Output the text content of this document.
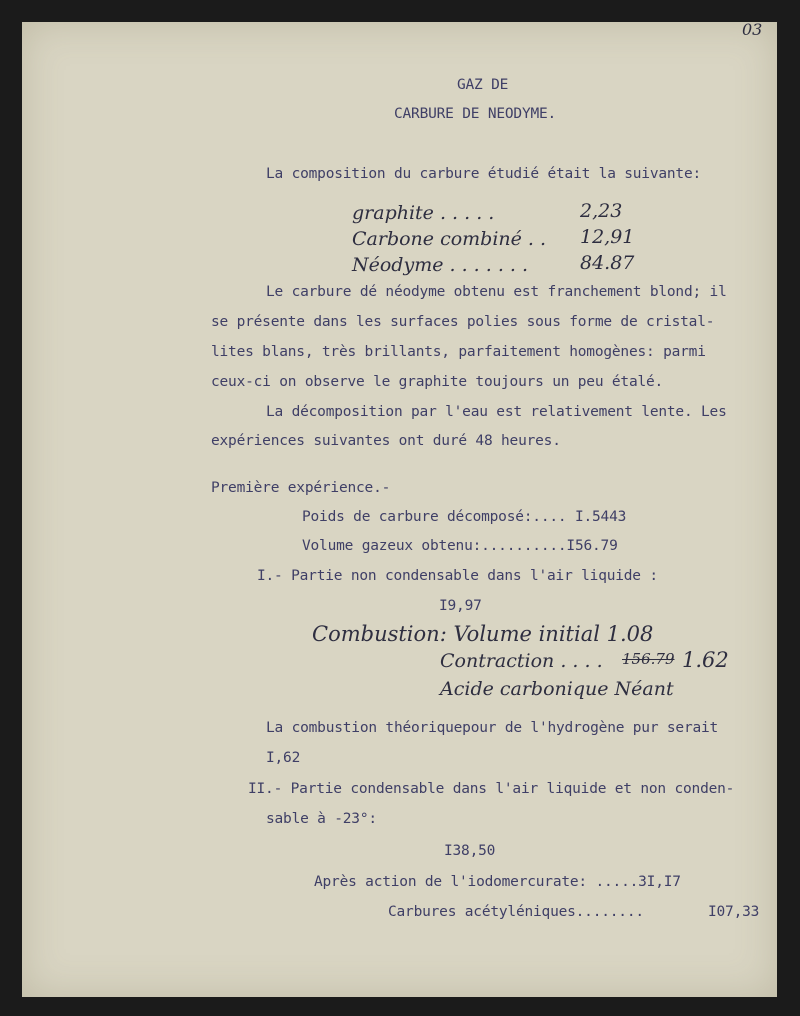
03
GAZ DE
CARBURE DE NEODYME.
La composition du carbure étudié était la suivante:
graphite . . . . .	2,23
Carbone combiné . . 12,91
Néodyme . . . . . . .	84.87
Le carbure dé néodyme obtenu est franchement blond; il
se présente dans les surfaces polies sous forme de cristal-
lites blans, très brillants, parfaitement homogènes: parmi
ceux-ci on observe le graphite toujours un peu étalé.
La décomposition par l'eau est relativement lente. Les
expériences suivantes ont duré 48 heures.
Première expérience.-
Poids de carbure décomposé:.... I.5443
Volume gazeux obtenu:..........I56.79
I.- Partie non condensable dans l'air liquide :
I9,97
Combustion: Volume initial 1.08
Contraction . . . . 156.79 1.62
Acide carbonique Néant
La combustion théoriquepour de l'hydrogène pur serait
I,62
II.- Partie condensable dans l'air liquide et non conden-
sable à -23°:
I38,50
Après action de l'iodomercurate: .....3I,I7
Carbures acétyléniques........	I07,33
